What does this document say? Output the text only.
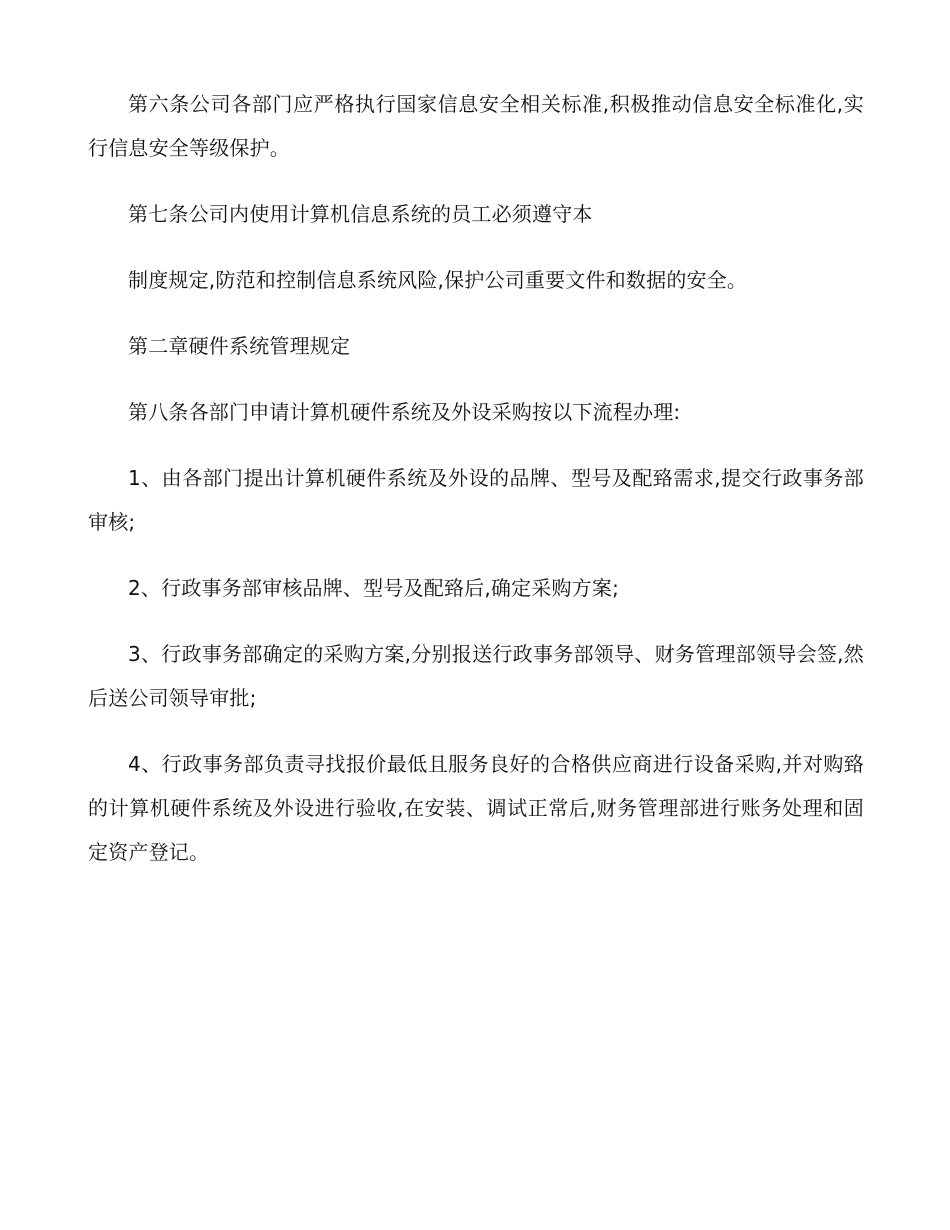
第六条公司各部门应严格执行国家信息安全相关标准,积极推动信息安全标准化,实行信息安全等级保护。

第七条公司内使用计算机信息系统的员工必须遵守本

制度规定,防范和控制信息系统风险,保护公司重要文件和数据的安全。

第二章硬件系统管理规定

第八条各部门申请计算机硬件系统及外设采购按以下流程办理:

1、由各部门提出计算机硬件系统及外设的品牌、型号及配臵需求,提交行政事务部审核;

2、行政事务部审核品牌、型号及配臵后,确定采购方案;

3、行政事务部确定的采购方案,分别报送行政事务部领导、财务管理部领导会签,然后送公司领导审批;

4、行政事务部负责寻找报价最低且服务良好的合格供应商进行设备采购,并对购臵的计算机硬件系统及外设进行验收,在安装、调试正常后,财务管理部进行账务处理和固定资产登记。
